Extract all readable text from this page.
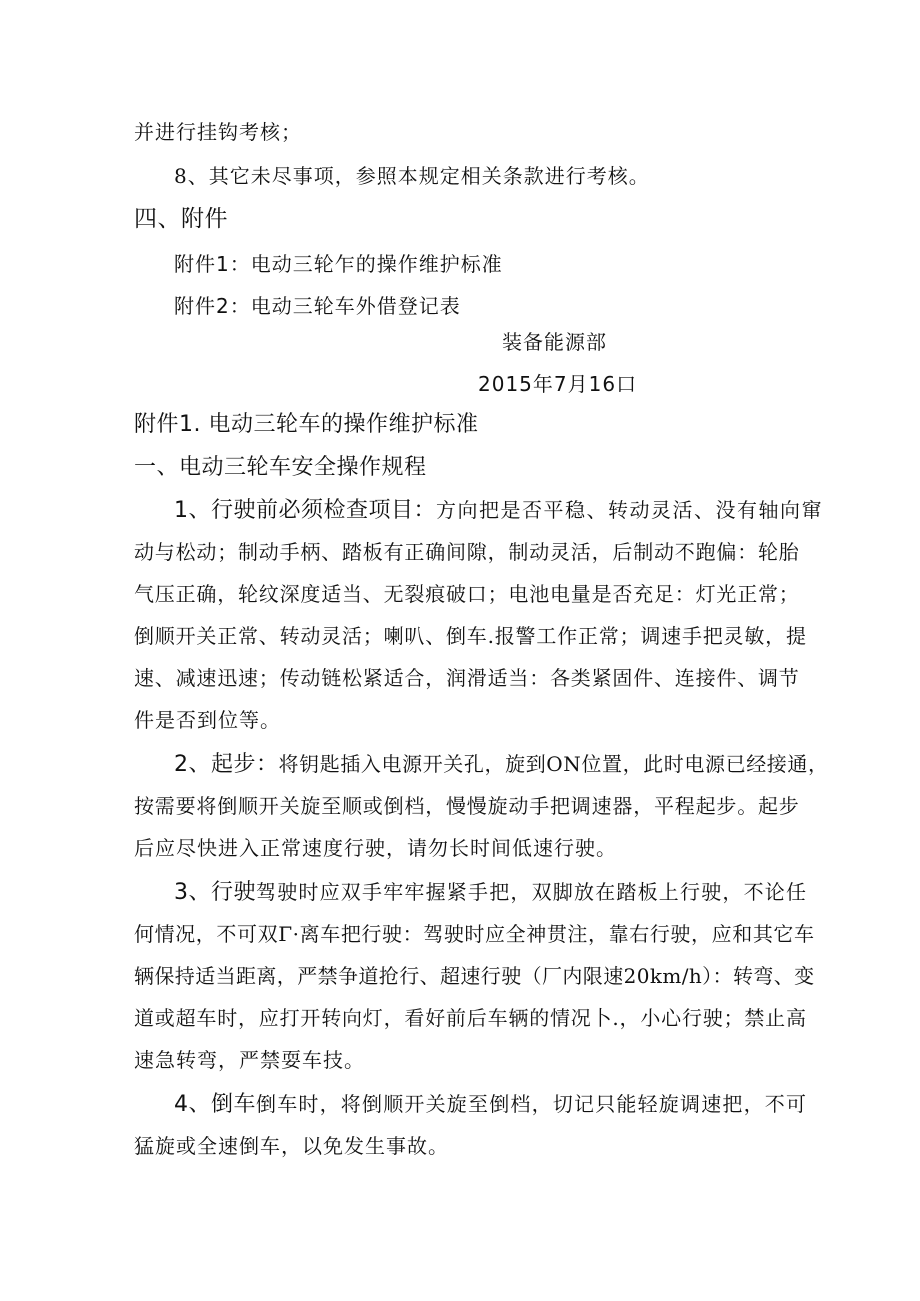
并进行挂钩考核；
8、其它未尽事项，参照本规定相关条款进行考核。
四、附件
附件1：电动三轮乍的操作维护标准
附件2：电动三轮车外借登记表
装备能源部
2015年7月16口
附件1. 电动三轮车的操作维护标准
一、电动三轮车安全操作规程
1、行驶前必须检查项目：方向把是否平稳、转动灵活、没有轴向窜
动与松动；制动手柄、踏板有正确间隙，制动灵活，后制动不跑偏：轮胎
气压正确，轮纹深度适当、无裂痕破口；电池电量是否充足：灯光正常；
倒顺开关正常、转动灵活；喇叭、倒车.报警工作正常；调速手把灵敏，提
速、减速迅速；传动链松紧适合，润滑适当：各类紧固件、连接件、调节
件是否到位等。
2、起步：将钥匙插入电源开关孔，旋到ON位置，此时电源已经接通，
按需要将倒顺开关旋至顺或倒档，慢慢旋动手把调速器，平程起步。起步
后应尽快进入正常速度行驶，请勿长时间低速行驶。
3、行驶驾驶时应双手牢牢握紧手把，双脚放在踏板上行驶，不论任
何情况，不可双Γ·离车把行驶：驾驶时应全神贯注，靠右行驶，应和其它车
辆保持适当距离，严禁争道抢行、超速行驶（厂内限速20km/h）：转弯、变
道或超车时，应打开转向灯，看好前后车辆的情况卜.，小心行驶；禁止高
速急转弯，严禁耍车技。
4、倒车倒车时，将倒顺开关旋至倒档，切记只能轻旋调速把，不可
猛旋或全速倒车，以免发生事故。
